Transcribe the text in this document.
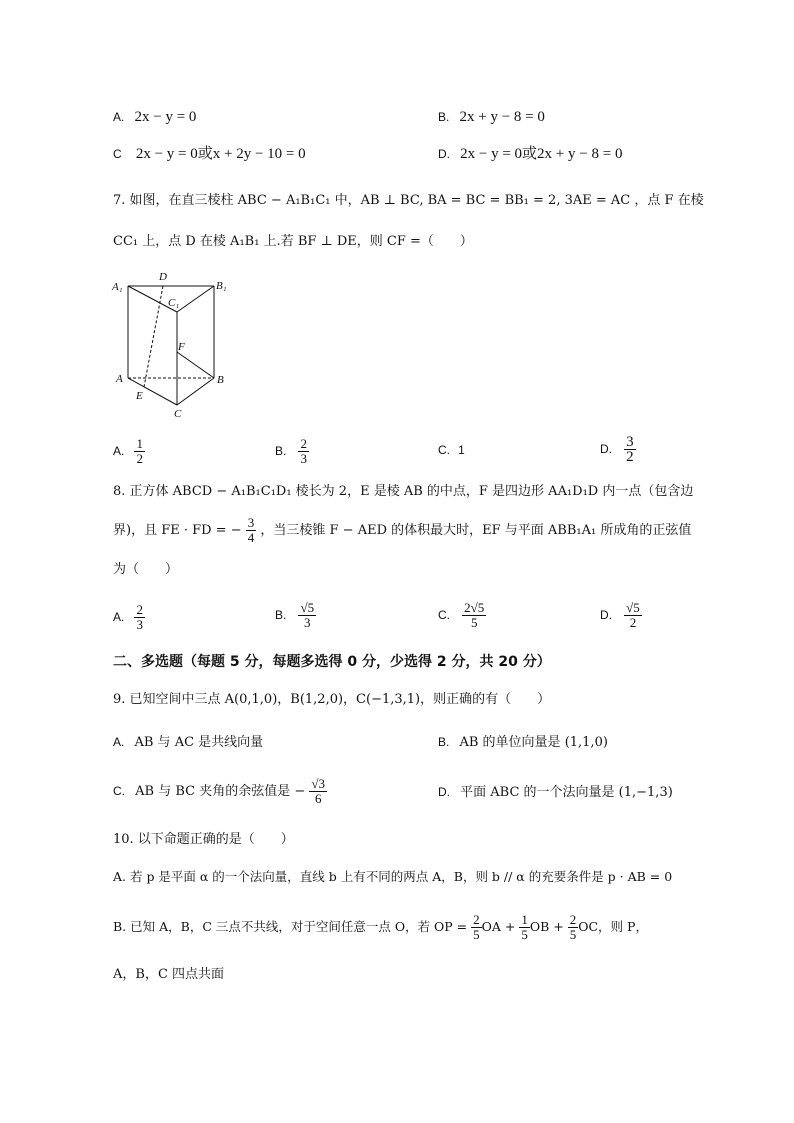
A. 2x − y = 0	B. 2x + y − 8 = 0
C 2x − y = 0或x + 2y − 10 = 0	D. 2x − y = 0或2x + y − 8 = 0
7. 如图，在直三棱柱 ABC − A₁B₁C₁ 中，AB ⊥ BC, BA = BC = BB₁ = 2, 3AE = AC ，点 F 在棱
CC₁ 上，点 D 在棱 A₁B₁ 上.若 BF ⊥ DE，则 CF =（　　）
A₁
D
B₁
C₁
F
A	B
E
C
A. $\frac{1}{2}$	B. $\frac{2}{3}$	C. 1	D. $\frac{3}{2}$
8. 正方体 ABCD − A₁B₁C₁D₁ 棱长为 2，E 是棱 AB 的中点，F 是四边形 AA₁D₁D 内一点（包含边
界)，且 FE · FD = − $\frac{3}{4}$ ，当三棱锥 F − AED 的体积最大时，EF 与平面 ABB₁A₁ 所成角的正弦值
为（　　）
A. $\frac{2}{3}$	B. $\frac{√5}{3}$	C. $\frac{2√5}{5}$	D. $\frac{√5}{2}$
二、多选题（每题 5 分，每题多选得 0 分，少选得 2 分，共 20 分）
9. 已知空间中三点 A(0,1,0)，B(1,2,0)，C(−1,3,1)，则正确的有（　　）
A. AB 与 AC 是共线向量	B. AB 的单位向量是 (1,1,0)
C. AB 与 BC 夹角的余弦值是 − $\frac{√3}{6}$	D. 平面 ABC 的一个法向量是 (1,−1,3)
10. 以下命题正确的是（　　）
A. 若 p 是平面 α 的一个法向量，直线 b 上有不同的两点 A，B，则 b // α 的充要条件是 p · AB = 0
B. 已知 A，B，C 三点不共线，对于空间任意一点 O，若 OP = $\frac{2}{5}$ OA + $\frac{1}{5}$ OB + $\frac{2}{5}$ OC，则 P，
A，B，C 四点共面
